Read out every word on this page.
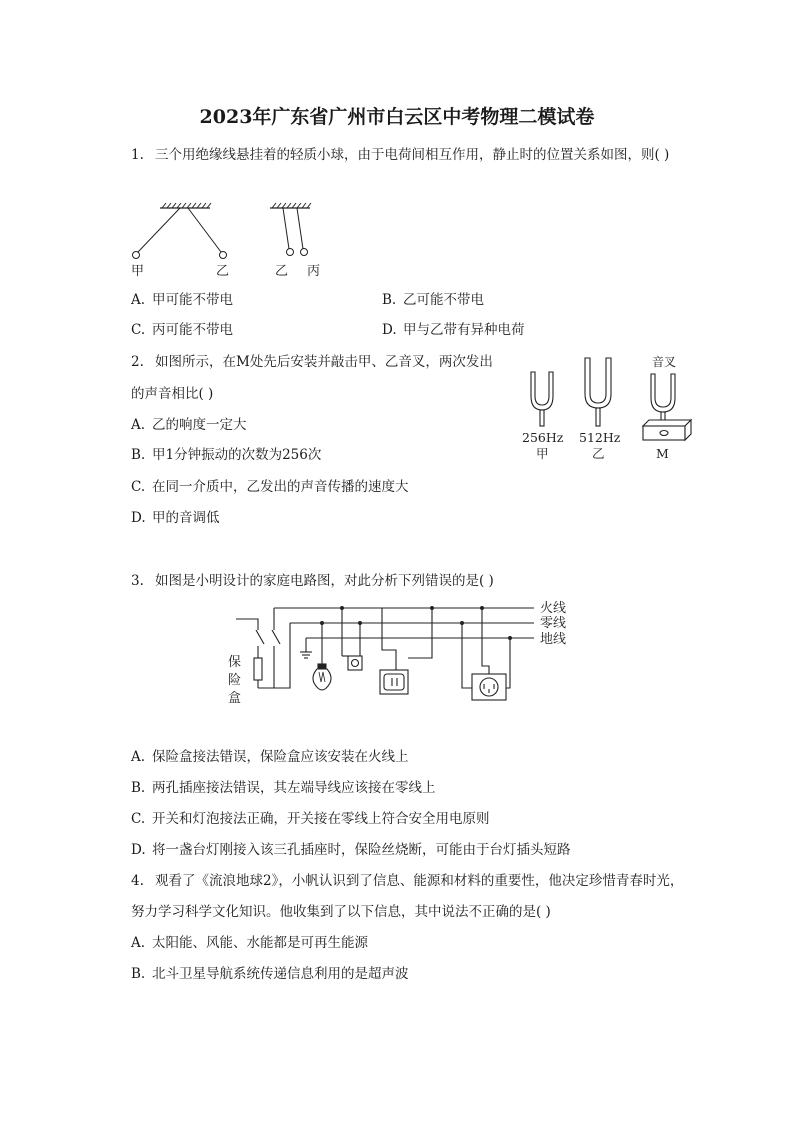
2023年广东省广州市白云区中考物理二模试卷
1. 三个用绝缘线悬挂着的轻质小球，由于电荷间相互作用，静止时的位置关系如图，则( )
甲	乙	乙 丙
A. 甲可能不带电	B. 乙可能不带电
C. 丙可能不带电	D. 甲与乙带有异种电荷
2. 如图所示，在M处先后安装并敲击甲、乙音叉，两次发出
的声音相比( )
256Hz
甲
512Hz
乙
音叉
M
A. 乙的响度一定大
B. 甲1分钟振动的次数为256次
C. 在同一介质中，乙发出的声音传播的速度大
D. 甲的音调低
3. 如图是小明设计的家庭电路图，对此分析下列错误的是( )
火线
零线
地线
保
险
盒
A. 保险盒接法错误，保险盒应该安装在火线上
B. 两孔插座接法错误，其左端导线应该接在零线上
C. 开关和灯泡接法正确，开关接在零线上符合安全用电原则
D. 将一盏台灯刚接入该三孔插座时，保险丝烧断，可能由于台灯插头短路
4. 观看了《流浪地球2》，小帆认识到了信息、能源和材料的重要性，他决定珍惜青春时光，
努力学习科学文化知识。他收集到了以下信息，其中说法不正确的是( )
A. 太阳能、风能、水能都是可再生能源
B. 北斗卫星导航系统传递信息利用的是超声波
